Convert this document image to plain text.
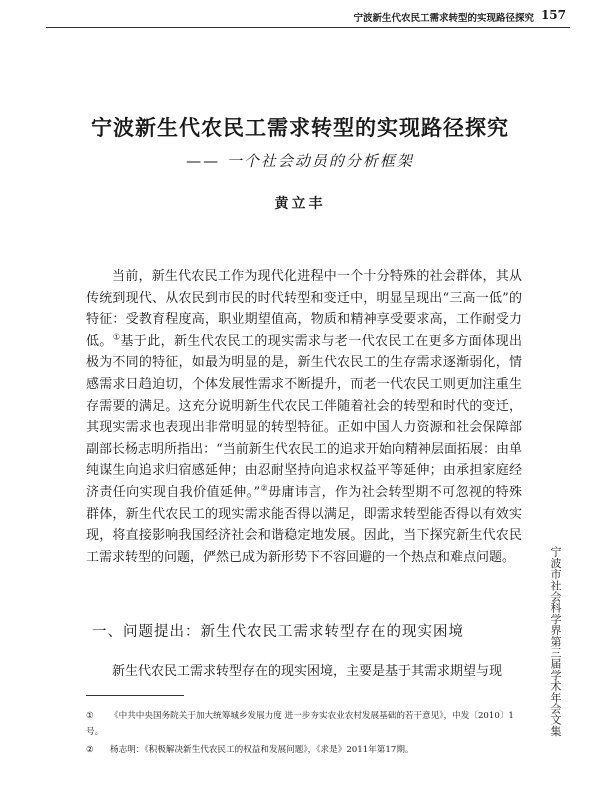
宁波新生代农民工需求转型的实现路径探究 157
宁波新生代农民工需求转型的实现路径探究
—— 一个社会动员的分析框架
黄立丰

当前，新生代农民工作为现代化进程中一个十分特殊的社会群体，其从传统到现代、从农民到市民的时代转型和变迁中，明显呈现出“三高一低”的特征：受教育程度高，职业期望值高，物质和精神享受要求高，工作耐受力低。①基于此，新生代农民工的现实需求与老一代农民工在更多方面体现出极为不同的特征，如最为明显的是，新生代农民工的生存需求逐渐弱化，情感需求日趋迫切，个体发展性需求不断提升，而老一代农民工则更加注重生存需要的满足。这充分说明新生代农民工伴随着社会的转型和时代的变迁，其现实需求也表现出非常明显的转型特征。正如中国人力资源和社会保障部副部长杨志明所指出：“当前新生代农民工的追求开始向精神层面拓展：由单纯谋生向追求归宿感延伸；由忍耐坚持向追求权益平等延伸；由承担家庭经济责任向实现自我价值延伸。”②毋庸讳言，作为社会转型期不可忽视的特殊群体，新生代农民工的现实需求能否得以满足，即需求转型能否得以有效实现，将直接影响我国经济社会和谐稳定地发展。因此，当下探究新生代农民工需求转型的问题，俨然已成为新形势下不容回避的一个热点和难点问题。

一、问题提出：新生代农民工需求转型存在的现实困境

新生代农民工需求转型存在的现实困境，主要是基于其需求期望与现

① 《中共中央国务院关于加大统筹城乡发展力度 进一步夯实农业农村发展基础的若干意见》，中发〔2010〕1号。
② 杨志明：《积极解决新生代农民工的权益和发展问题》，《求是》2011年第17期。
宁波市社会科学界第三届学术年会文集
